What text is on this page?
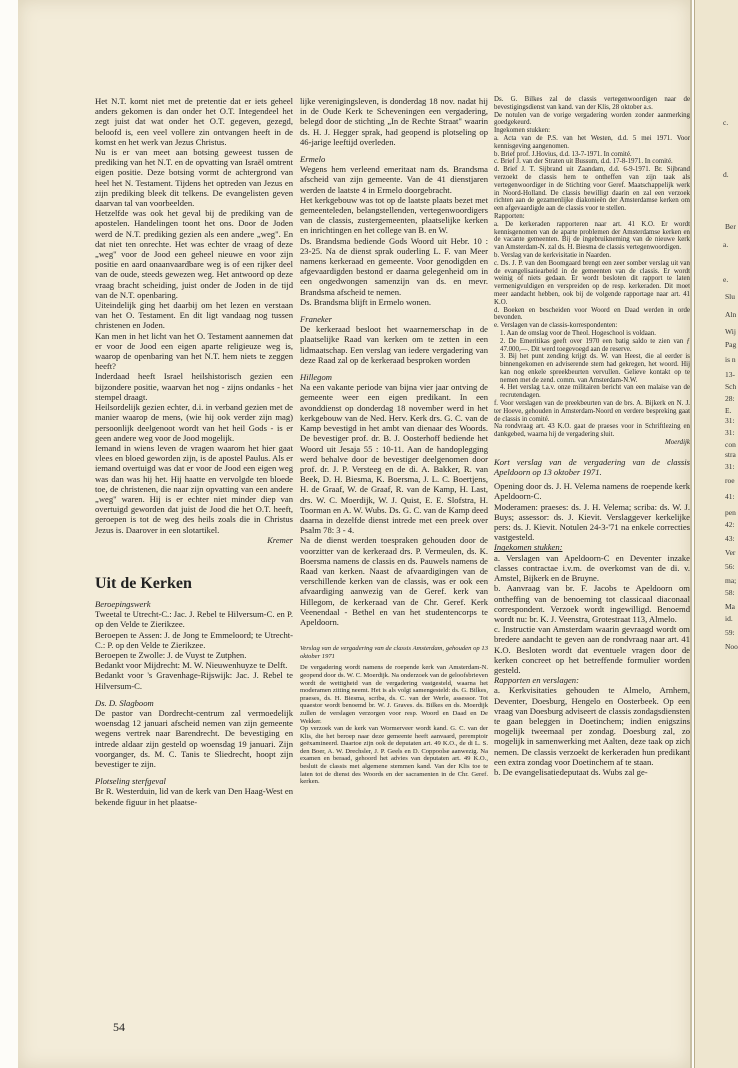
Het N.T. komt niet met de pretentie dat er iets geheel anders gekomen is dan onder het O.T. Integendeel het zegt juist dat wat onder het O.T. gegeven, gezegd, beloofd is, een veel vollere zin ontvangen heeft in de komst en het werk van Jezus Christus.

Nu is er van meet aan botsing geweest tussen de prediking van het N.T. en de opvatting van Israël omtrent eigen positie. Deze botsing vormt de achtergrond van heel het N. Testament. Tijdens het optreden van Jezus en zijn prediking bleek dit telkens. De evangelisten geven daarvan tal van voorbeelden.

Hetzelfde was ook het geval bij de prediking van de apostelen. Handelingen toont het ons. Door de Joden werd de N.T. prediking gezien als een andere „weg". En dat niet ten onrechte. Het was echter de vraag of deze „weg" voor de Jood een geheel nieuwe en voor zijn positie en aard onaanvaardbare weg is of een rijker deel van de oude, steeds gewezen weg. Het antwoord op deze vraag bracht scheiding, juist onder de Joden in de tijd van de N.T. openbaring.

Uiteindelijk ging het daarbij om het lezen en verstaan van het O. Testament. En dit ligt vandaag nog tussen christenen en Joden.

Kan men in het licht van het O. Testament aannemen dat er voor de Jood een eigen aparte religieuze weg is, waarop de openbaring van het N.T. hem niets te zeggen heeft?

Inderdaad heeft Israel heilshistorisch gezien een bijzondere positie, waarvan het nog - zijns ondanks - het stempel draagt.

Heilsordelijk gezien echter, d.i. in verband gezien met de manier waarop de mens, (wie hij ook verder zijn mag) persoonlijk deelgenoot wordt van het heil Gods - is er geen andere weg voor de Jood mogelijk.

Iemand in wiens leven de vragen waarom het hier gaat vlees en bloed geworden zijn, is de apostel Paulus. Als er iemand overtuigd was dat er voor de Jood een eigen weg was dan was hij het. Hij haatte en vervolgde ten bloede toe, de christenen, die naar zijn opvatting van een andere „weg" waren. Hij is er echter niet minder diep van overtuigd geworden dat juist de Jood die het O.T. heeft, geroepen is tot de weg des heils zoals die in Christus Jezus is. Daarover in een slotartikel.

Kremer

Uit de Kerken

Beroepingswerk

Tweetal te Utrecht-C.: Jac. J. Rebel te Hilversum-C. en P. op den Velde te Zierikzee.

Beroepen te Assen: J. de Jong te Emmeloord; te Utrecht-C.: P. op den Velde te Zierikzee.

Beroepen te Zwolle: J. de Vuyst te Zutphen.

Bedankt voor Mijdrecht: M. W. Nieuwenhuyze te Delft.

Bedankt voor 's Gravenhage-Rijswijk: Jac. J. Rebel te Hilversum-C.

Ds. D. Slagboom

De pastor van Dordrecht-centrum zal vermoedelijk woensdag 12 januari afscheid nemen van zijn gemeente wegens vertrek naar Barendrecht. De bevestiging en intrede aldaar zijn gesteld op woensdag 19 januari. Zijn voorganger, ds. M. C. Tanis te Sliedrecht, hoopt zijn bevestiger te zijn.

Plotseling sterfgeval

Br R. Westerduin, lid van de kerk van Den Haag-West en bekende figuur in het plaatse-

lijke verenigingsleven, is donderdag 18 nov. nadat hij in de Oude Kerk te Scheveningen een vergadering, belegd door de stichting „In de Rechte Straat" waarin ds. H. J. Hegger sprak, had geopend is plotseling op 46-jarige leeftijd overleden.

Ermelo

Wegens hem verleend emeritaat nam ds. Brandsma afscheid van zijn gemeente. Van de 41 dienstjaren werden de laatste 4 in Ermelo doorgebracht.

Het kerkgebouw was tot op de laatste plaats bezet met gemeenteleden, belangstellenden, vertegenwoordigers van de classis, zustergemeenten, plaatselijke kerken en inrichtingen en het college van B. en W.

Ds. Brandsma bediende Gods Woord uit Hebr. 10 : 23-25. Na de dienst sprak ouderling L. F. van Meer namens kerkeraad en gemeente. Voor genodigden en afgevaardigden bestond er daarna gelegenheid om in een ongedwongen samenzijn van ds. en mevr. Brandsma afscheid te nemen.

Ds. Brandsma blijft in Ermelo wonen.

Franeker

De kerkeraad besloot het waarnemerschap in de plaatselijke Raad van kerken om te zetten in een lidmaatschap. Een verslag van iedere vergadering van deze Raad zal op de kerkeraad besproken worden

Hillegom

Na een vakante periode van bijna vier jaar ontving de gemeente weer een eigen predikant. In een avonddienst op donderdag 18 november werd in het kerkgebouw van de Ned. Herv. Kerk drs. G. C. van de Kamp bevestigd in het ambt van dienaar des Woords. De bevestiger prof. dr. B. J. Oosterhoff bediende het Woord uit Jesaja 55 : 10-11. Aan de handoplegging werd behalve door de bevestiger deelgenomen door prof. dr. J. P. Versteeg en de di. A. Bakker, R. van Beek, D. H. Biesma, K. Boersma, J. L. C. Boertjens, H. de Graaf, W. de Graaf, R. van de Kamp, H. Last, drs. W. C. Moerdijk, W. J. Quist, E. E. Slofstra, H. Toorman en A. W. Wubs. Ds. G. C. van de Kamp deed daarna in dezelfde dienst intrede met een preek over Psalm 78: 3 - 4.

Na de dienst werden toespraken gehouden door de voorzitter van de kerkeraad drs. P. Vermeulen, ds. K. Boersma namens de classis en ds. Pauwels namens de Raad van kerken. Naast de afvaardigingen van de verschillende kerken van de classis, was er ook een afvaardiging aanwezig van de Geref. kerk van Hillegom, de kerkeraad van de Chr. Geref. Kerk Veenendaal - Bethel en van het studentencorps te Apeldoorn.

Verslag van de vergadering van de classis Amsterdam, gehouden op 13 oktober 1971

De vergadering wordt namens de roepende kerk van Amsterdam-N. geopend door ds. W. C. Moerdijk. Na onderzoek van de geloofsbrieven wordt de wettigheid van de vergadering vastgesteld, waarna het moderamen zitting neemt. Het is als volgt samengesteld: ds. G. Bilkes, praeses, ds. H. Biesma, scriba, ds. C. van der Werle, assessor. Tot quaestor wordt benoemd br. W. J. Graves. ds. Bilkes en ds. Moerdijk zullen de verslagen verzorgen voor resp. Woord en Daad en De Wekker.

Op verzoek van de kerk van Wormerveer wordt kand. G. C. van der Klis, die het beroep naar deze gemeente heeft aanvaard, peremptoir geëxamineerd. Daartoe zijn ook de deputaten art. 49 K.O., de di L. S. den Boer, A. W. Drechsler, J. P. Geels en D. Coppoolse aanwezig. Na examen en beraad, gehoord het advies van deputaten art. 49 K.O., besluit de classis met algemene stemmen kand. Van der Klis toe te laten tot de dienst des Woords en der sacramenten in de Chr. Geref. kerken.

Ds. G. Bilkes zal de classis vertegenwoordigen naar de bevestigingsdienst van kand. van der Klis, 28 oktober a.s.

De notulen van de vorige vergadering worden zonder aanmerking goedgekeurd.

Ingekomen stukken:

a. Acta van de P.S. van het Westen, d.d. 5 mei 1971. Voor kennisgeving aangenomen.

b. Brief prof. J.Hovius, d.d. 13-7-1971. In comité.

c. Brief J. van der Straten uit Bussum, d.d. 17-8-1971. In comité.

d. Brief J. T. Sijbrand uit Zaandam, d.d. 6-9-1971. Br. Sijbrand verzoekt de classis hem te ontheffen van zijn taak als vertegenwoordiger in de Stichting voor Geref. Maatschappelijk werk in Noord-Holland. De classis bewilligt daarin en zal een verzoek richten aan de gezamenlijke diakonieën der Amsterdamse kerken om een afgevaardigde aan de classis voor te stellen.

Rapporten:

a. De kerkeraden rapporteren naar art. 41 K.O. Er wordt kennisgenomen van de aparte problemen der Amsterdamse kerken en de vacante gemeenten. Bij de ingebruikneming van de nieuwe kerk van Amsterdam-N. zal ds. H. Biesma de classis vertegenwoordigen.

b. Verslag van de kerkvisitatie in Naarden.

c. Ds. J. P. van den Boomgaard brengt een zeer somber verslag uit van de evangelisatiearbeid in de gemeenten van de classis. Er wordt weinig of niets gedaan. Er wordt besloten dit rapport te laten vermenigvuldigen en verspreiden op de resp. kerkeraden. Dit moet meer aandacht hebben, ook bij de volgende rapportage naar art. 41 K.O.

d. Boeken en bescheiden voor Woord en Daad werden in orde bevonden.

e. Verslagen van de classis-korrespondenten:

1. Aan de omslag voor de Theol. Hogeschool is voldaan.

2. De Emeritikas geeft over 1970 een batig saldo te zien van ƒ 47.000,—. Dit werd toegevoegd aan de reserve.

3. Bij het punt zending krijgt ds. W. van Heest, die al eerder is binnengekomen en adviserende stem had gekregen, het woord. Hij kan nog enkele spreekbeurten vervullen. Gelieve kontakt op te nemen met de zend. comm. van Amsterdam-N.W.

4. Het verslag t.a.v. onze militairen bericht van een malaise van de recrutendagen.

f. Voor verslagen van de preekbeurten van de brs. A. Bijkerk en N. J. ter Hoeve, gehouden in Amsterdam-Noord en verdere bespreking gaat de classis in comité.

Na rondvraag art. 43 K.O. gaat de praeses voor in Schriftlezing en dankgebed, waarna hij de vergadering sluit.

Moerdijk

Kort verslag van de vergadering van de classis Apeldoorn op 13 oktober 1971.

Opening door ds. J. H. Velema namens de roepende kerk Apeldoorn-C.

Moderamen: praeses: ds. J. H. Velema; scriba: ds. W. J. Buys; assessor: ds. J. Kievit. Verslaggever kerkelijke pers: ds. J. Kievit. Notulen 24-3-'71 na enkele correcties vastgesteld.

Ingekomen stukken:

a. Verslagen van Apeldoorn-C en Deventer inzake classes contractae i.v.m. de overkomst van de di. v. Amstel, Bijkerk en de Bruyne.

b. Aanvraag van br. F. Jacobs te Apeldoorn om ontheffing van de benoeming tot classicaal diaconaal correspondent. Verzoek wordt ingewilligd. Benoemd wordt nu: br. K. J. Veenstra, Grotestraat 113, Almelo.

c. Instructie van Amsterdam waarin gevraagd wordt om bredere aandacht te geven aan de rondvraag naar art. 41 K.O. Besloten wordt dat eventuele vragen door de kerken concreet op het betreffende formulier worden gesteld.

Rapporten en verslagen:

a. Kerkvisitaties gehouden te Almelo, Arnhem, Deventer, Doesburg, Hengelo en Oosterbeek. Op een vraag van Doesburg adviseert de classis zondagsdiensten te gaan beleggen in Doetinchem; indien enigszins mogelijk tweemaal per zondag. Doesburg zal, zo mogelijk in samenwerking met Aalten, deze taak op zich nemen. De classis verzoekt de kerkeraden hun predikant een extra zondag voor Doetinchem af te staan.

b. De evangelisatiedeputaat ds. Wubs zal ge-

54
c.
d.
Ber
a.
e.
Slu
Aln
Wij
Pag
is n
13-
Sch
28:
E.
31:
31:
con
stra
31:
roe
41:
pen
42:
43:
Ver
56:
ma;
58:
Ma
id.
59:
Noo
